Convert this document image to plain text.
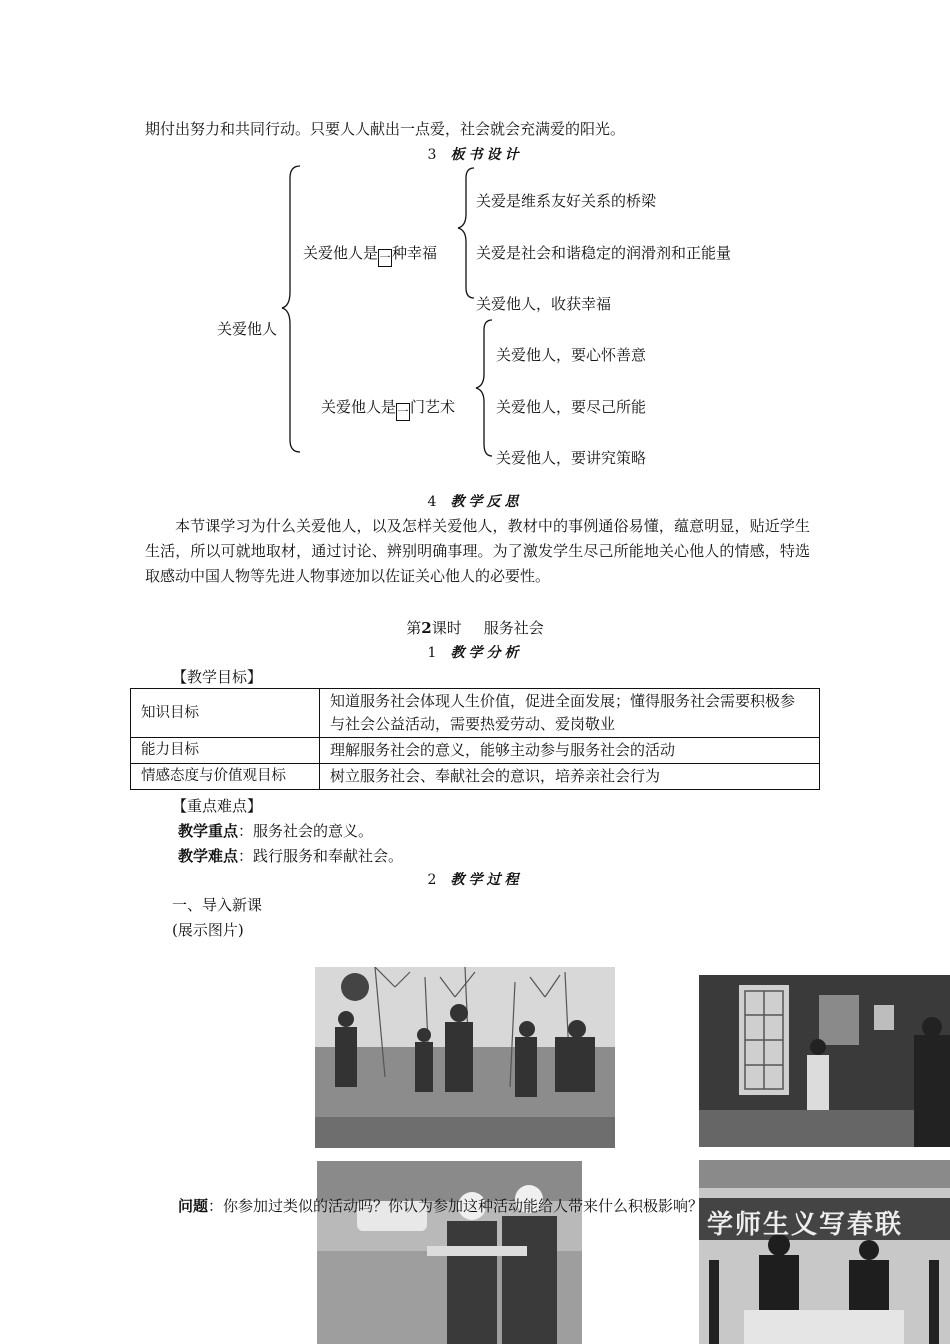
期付出努力和共同行动。只要人人献出一点爱，社会就会充满爱的阳光。
3 板书设计
关爱他人
关爱他人是 一 种幸福
关爱是维系友好关系的桥梁
关爱是社会和谐稳定的润滑剂和正能量
关爱他人，收获幸福
关爱他人是 一 门艺术
关爱他人，要心怀善意
关爱他人，要尽己所能
关爱他人，要讲究策略
4 教学反思
本节课学习为什么关爱他人，以及怎样关爱他人，教材中的事例通俗易懂，蕴意明显，贴近学生生活，所以可就地取材，通过讨论、辨别明确事理。为了激发学生尽己所能地关心他人的情感，特选取感动中国人物等先进人物事迹加以佐证关心他人的必要性。
第2课时 服务社会
1 教学分析
【教学目标】
知识目标	知道服务社会体现人生价值，促进全面发展；懂得服务社会需要积极参与社会公益活动，需要热爱劳动、爱岗敬业
能力目标	理解服务社会的意义，能够主动参与服务社会的活动
情感态度与价值观目标	树立服务社会、奉献社会的意识，培养亲社会行为
【重点难点】
教学重点：服务社会的意义。
教学难点：践行服务和奉献社会。
2 教学过程
一、导入新课
(展示图片)
学师生义写春联
问题：你参加过类似的活动吗？你认为参加这种活动能给人带来什么积极影响？
